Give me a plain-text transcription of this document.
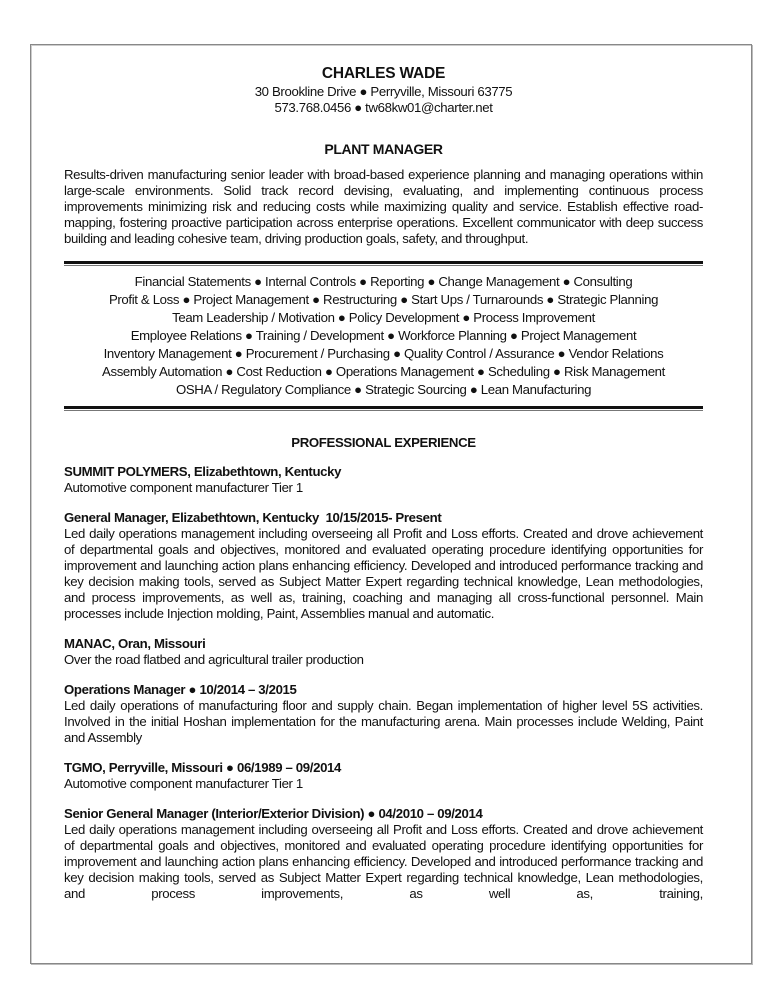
CHARLES WADE
30 Brookline Drive ● Perryville, Missouri 63775
573.768.0456 ● tw68kw01@charter.net
PLANT MANAGER
Results-driven manufacturing senior leader with broad-based experience planning and managing operations within large-scale environments. Solid track record devising, evaluating, and implementing continuous process improvements minimizing risk and reducing costs while maximizing quality and service. Establish effective road-mapping, fostering proactive participation across enterprise operations. Excellent communicator with deep success building and leading cohesive team, driving production goals, safety, and throughput.
Financial Statements ● Internal Controls ● Reporting ● Change Management ● Consulting
Profit & Loss ● Project Management ● Restructuring ● Start Ups / Turnarounds ● Strategic Planning
Team Leadership / Motivation ● Policy Development ● Process Improvement
Employee Relations ● Training / Development ● Workforce Planning ● Project Management
Inventory Management ● Procurement / Purchasing ● Quality Control / Assurance ● Vendor Relations
Assembly Automation ● Cost Reduction ● Operations Management ● Scheduling ● Risk Management
OSHA / Regulatory Compliance ● Strategic Sourcing ● Lean Manufacturing
PROFESSIONAL EXPERIENCE
SUMMIT POLYMERS, Elizabethtown, Kentucky
Automotive component manufacturer Tier 1
General Manager, Elizabethtown, Kentucky  10/15/2015- Present
Led daily operations management including overseeing all Profit and Loss efforts. Created and drove achievement of departmental goals and objectives, monitored and evaluated operating procedure identifying opportunities for improvement and launching action plans enhancing efficiency. Developed and introduced performance tracking and key decision making tools, served as Subject Matter Expert regarding technical knowledge, Lean methodologies, and process improvements, as well as, training, coaching and managing all cross-functional personnel. Main processes include Injection molding, Paint, Assemblies manual and automatic.
MANAC, Oran, Missouri
Over the road flatbed and agricultural trailer production
Operations Manager ● 10/2014 – 3/2015
Led daily operations of manufacturing floor and supply chain. Began implementation of higher level 5S activities. Involved in the initial Hoshan implementation for the manufacturing arena. Main processes include Welding, Paint and Assembly
TGMO, Perryville, Missouri ● 06/1989 – 09/2014
Automotive component manufacturer Tier 1
Senior General Manager (Interior/Exterior Division) ● 04/2010 – 09/2014
Led daily operations management including overseeing all Profit and Loss efforts. Created and drove achievement of departmental goals and objectives, monitored and evaluated operating procedure identifying opportunities for improvement and launching action plans enhancing efficiency. Developed and introduced performance tracking and key decision making tools, served as Subject Matter Expert regarding technical knowledge, Lean methodologies, and process improvements, as well as, training,
